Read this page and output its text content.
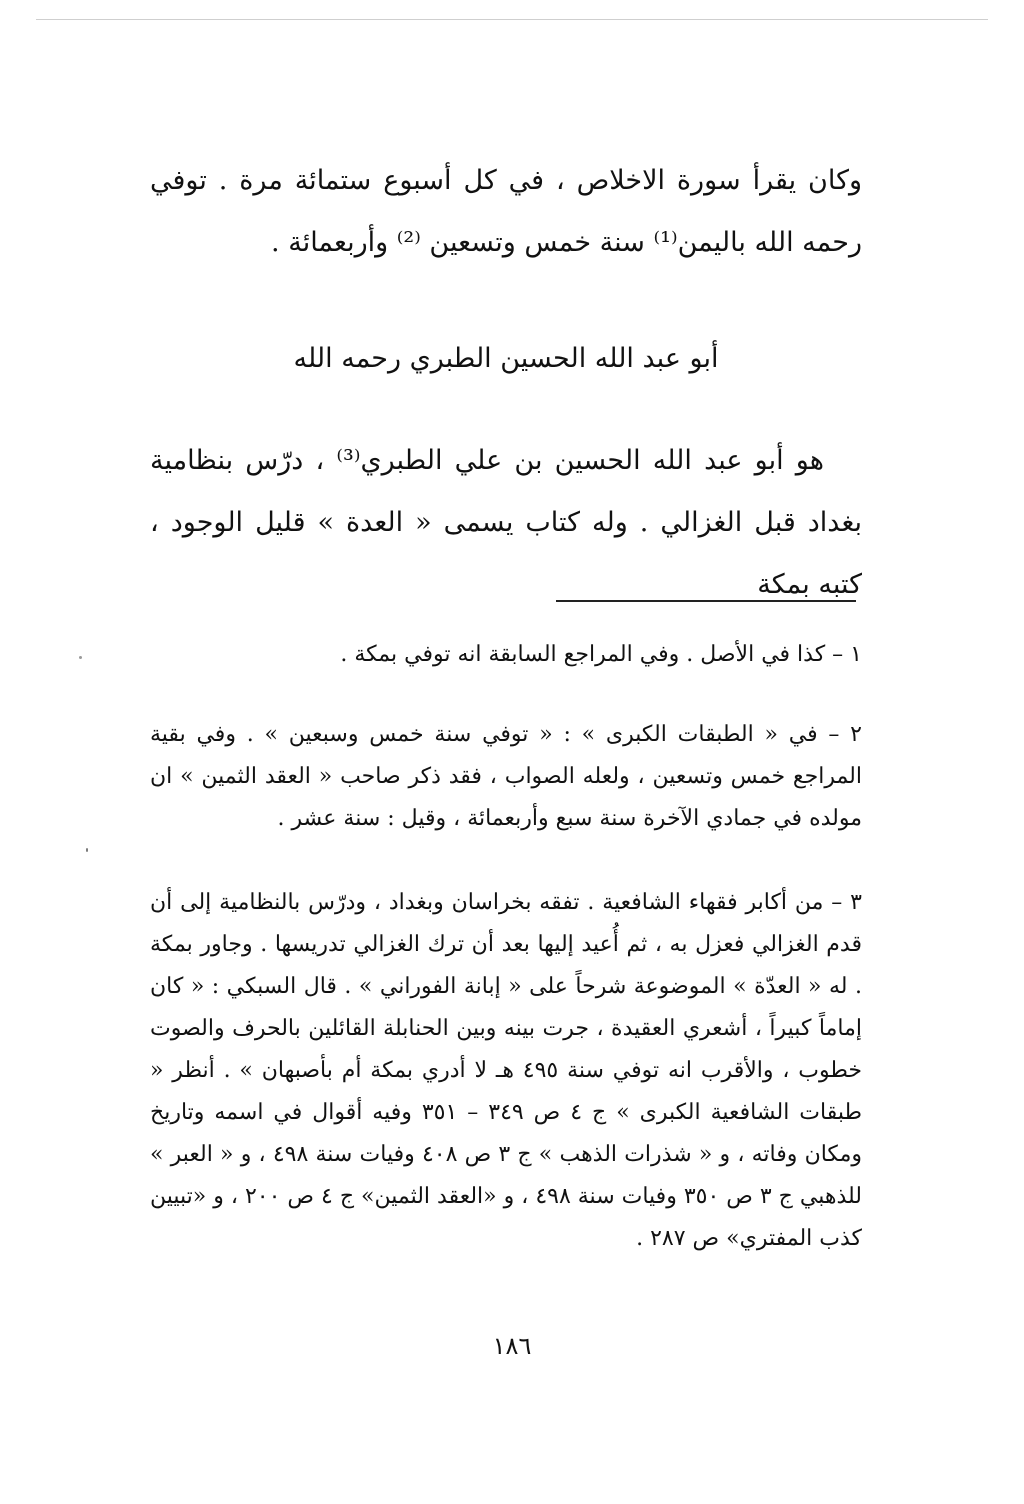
وكان يقرأ سورة الاخلاص ، في كل أسبوع ستمائة مرة . توفي رحمه الله باليمن⁽¹⁾ سنة خمس وتسعين ⁽²⁾ وأربعمائة .

أبو عبد الله الحسين الطبري رحمه الله

هو أبو عبد الله الحسين بن علي الطبري⁽³⁾ ، درّس بنظامية بغداد قبل الغزالي . وله كتاب يسمى « العدة » قليل الوجود ، كتبه بمكة

١ – كذا في الأصل . وفي المراجع السابقة انه توفي بمكة .

٢ – في « الطبقات الكبرى » : « توفي سنة خمس وسبعين » . وفي بقية المراجع خمس وتسعين ، ولعله الصواب ، فقد ذكر صاحب « العقد الثمين » ان مولده في جمادي الآخرة سنة سبع وأربعمائة ، وقيل : سنة عشر .

٣ – من أكابر فقهاء الشافعية . تفقه بخراسان وبغداد ، ودرّس بالنظامية إلى أن قدم الغزالي فعزل به ، ثم أُعيد إليها بعد أن ترك الغزالي تدريسها . وجاور بمكة . له « العدّة » الموضوعة شرحاً على « إبانة الفوراني » . قال السبكي : « كان إماماً كبيراً ، أشعري العقيدة ، جرت بينه وبين الحنابلة القائلين بالحرف والصوت خطوب ، والأقرب انه توفي سنة ٤٩٥ هـ لا أدري بمكة أم بأصبهان » . أنظر « طبقات الشافعية الكبرى » ج ٤ ص ٣٤٩ – ٣٥١ وفيه أقوال في اسمه وتاريخ ومكان وفاته ، و « شذرات الذهب » ج ٣ ص ٤٠٨ وفيات سنة ٤٩٨ ، و « العبر » للذهبي ج ٣ ص ٣٥٠ وفيات سنة ٤٩٨ ، و «العقد الثمين» ج ٤ ص ٢٠٠ ، و «تبيين كذب المفتري» ص ٢٨٧ .

١٨٦
